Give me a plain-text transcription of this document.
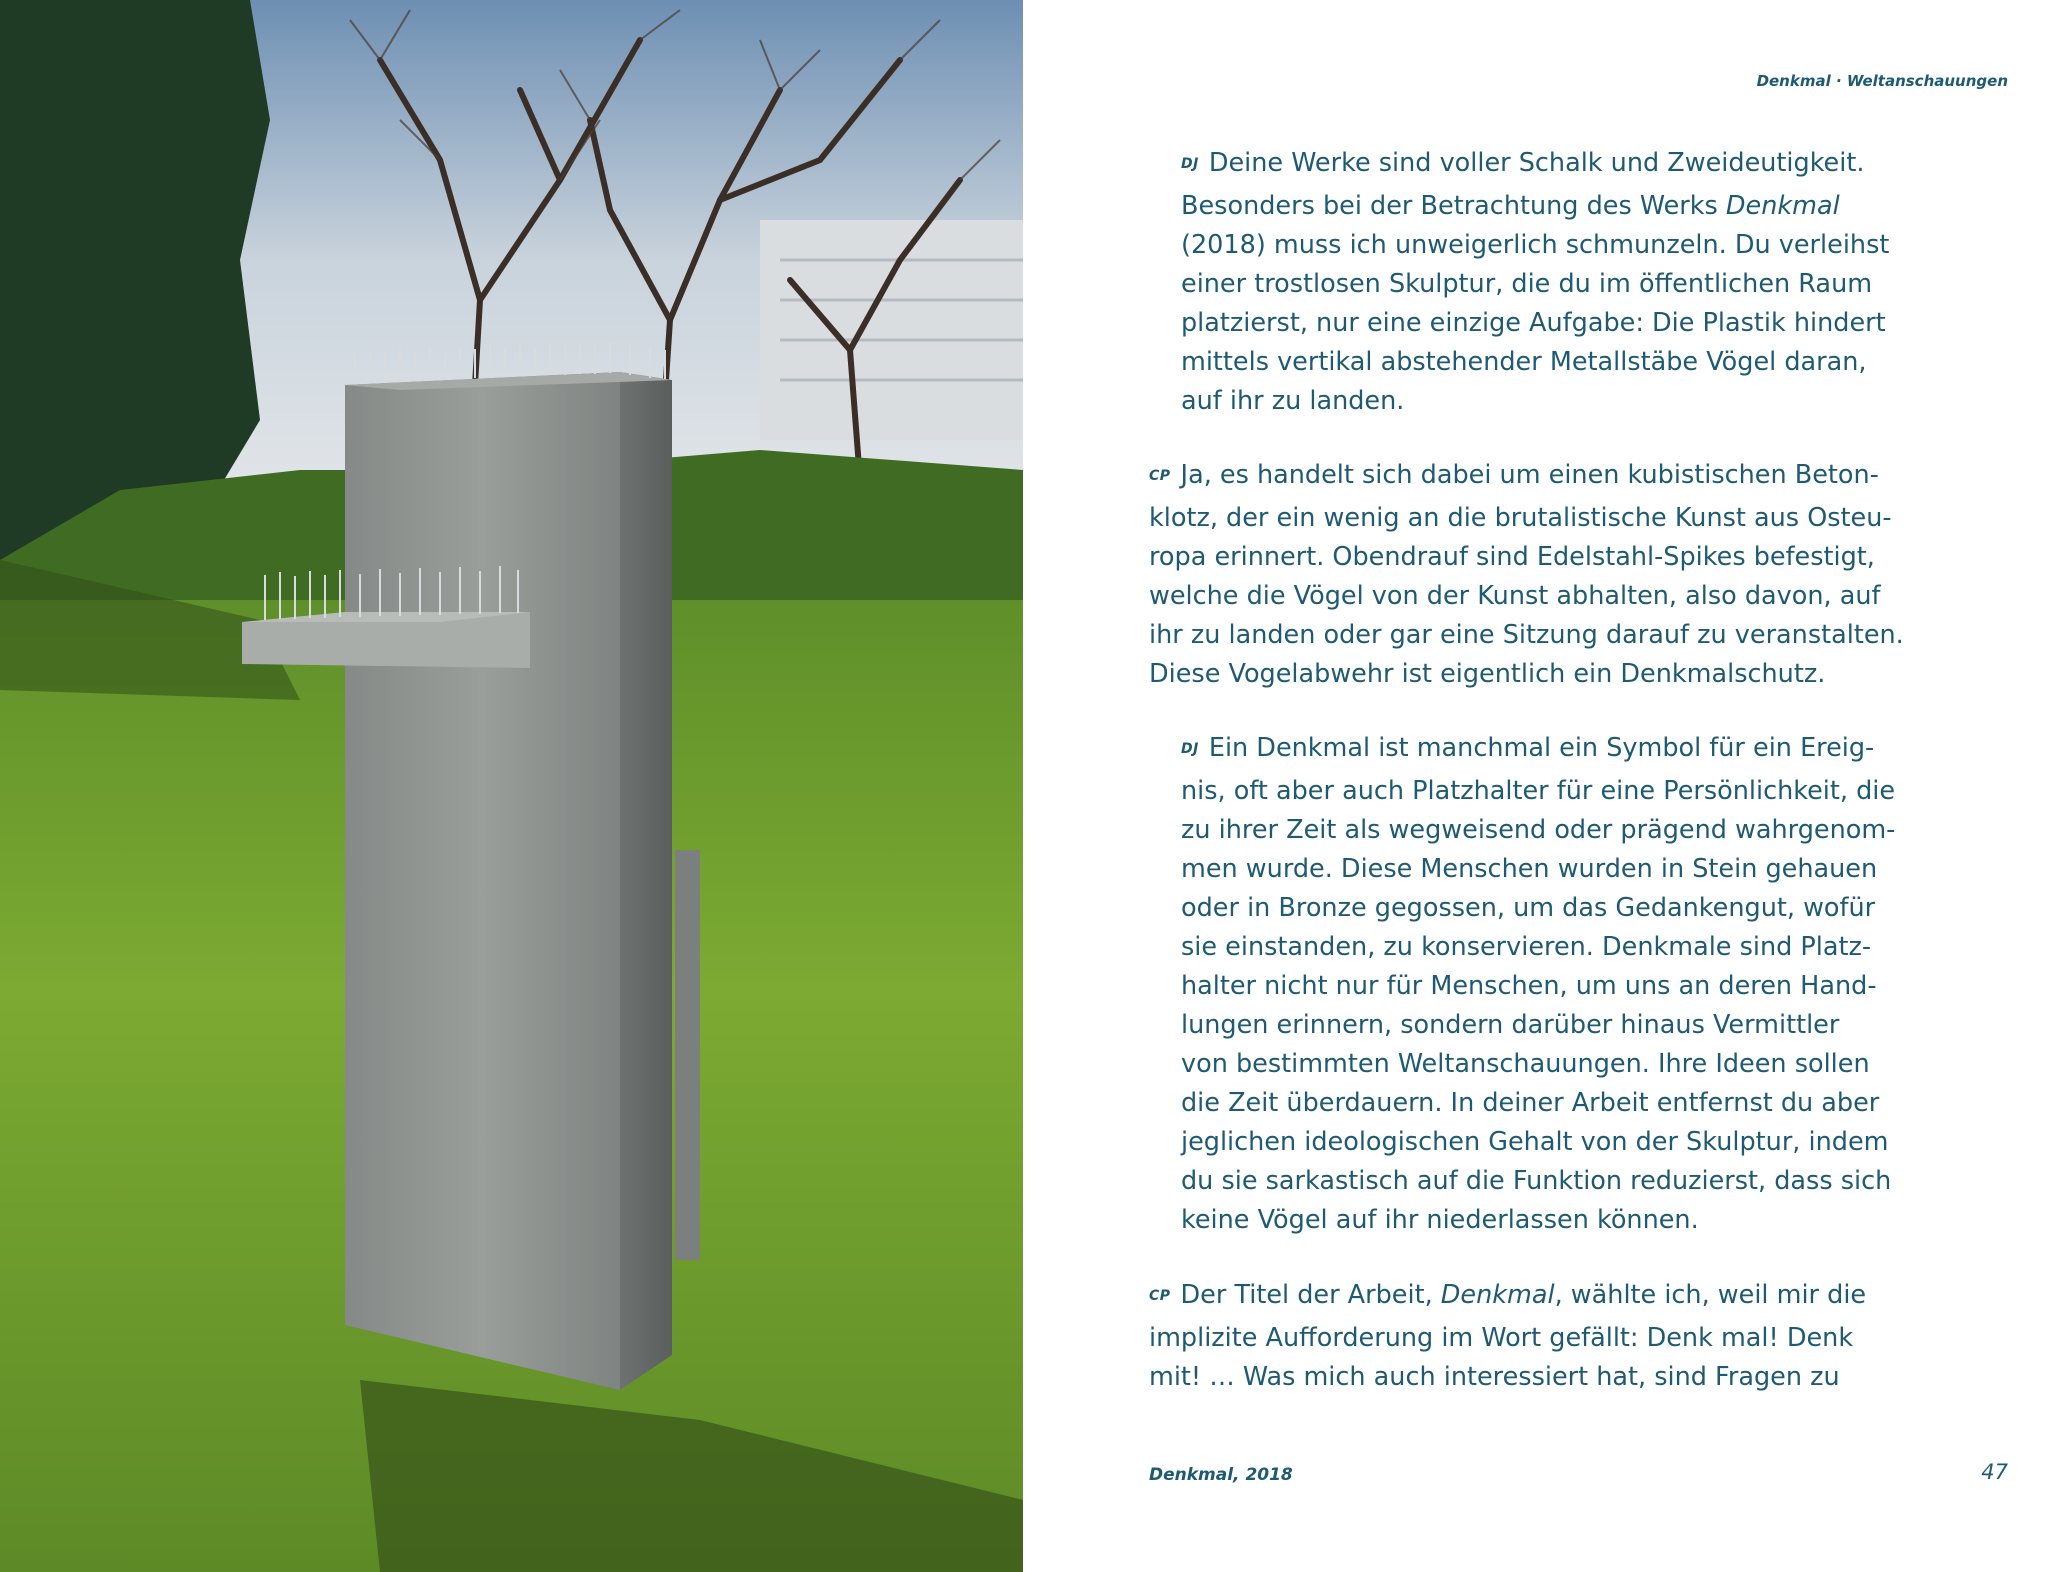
Denkmal · Weltanschauungen
DJ Deine Werke sind voller Schalk und Zweideutigkeit.
Besonders bei der Betrachtung des Werks Denkmal
(2018) muss ich unweigerlich schmunzeln. Du verleihst
einer trostlosen Skulptur, die du im öffentlichen Raum
platzierst, nur eine einzige Aufgabe: Die Plastik hindert
mittels vertikal abstehender Metallstäbe Vögel daran,
auf ihr zu landen.
CP Ja, es handelt sich dabei um einen kubistischen Beton-
klotz, der ein wenig an die brutalistische Kunst aus Osteu-
ropa erinnert. Obendrauf sind Edelstahl-Spikes befestigt,
welche die Vögel von der Kunst abhalten, also davon, auf
ihr zu landen oder gar eine Sitzung darauf zu veranstalten.
Diese Vogelabwehr ist eigentlich ein Denkmalschutz.
DJ Ein Denkmal ist manchmal ein Symbol für ein Ereig-
nis, oft aber auch Platzhalter für eine Persönlichkeit, die
zu ihrer Zeit als wegweisend oder prägend wahrgenom-
men wurde. Diese Menschen wurden in Stein gehauen
oder in Bronze gegossen, um das Gedankengut, wofür
sie einstanden, zu konservieren. Denkmale sind Platz-
halter nicht nur für Menschen, um uns an deren Hand-
lungen erinnern, sondern darüber hinaus Vermittler
von bestimmten Weltanschauungen. Ihre Ideen sollen
die Zeit überdauern. In deiner Arbeit entfernst du aber
jeglichen ideologischen Gehalt von der Skulptur, indem
du sie sarkastisch auf die Funktion reduzierst, dass sich
keine Vögel auf ihr niederlassen können.
CP Der Titel der Arbeit, Denkmal, wählte ich, weil mir die
implizite Aufforderung im Wort gefällt: Denk mal! Denk
mit! … Was mich auch interessiert hat, sind Fragen zu
Denkmal, 2018	47
